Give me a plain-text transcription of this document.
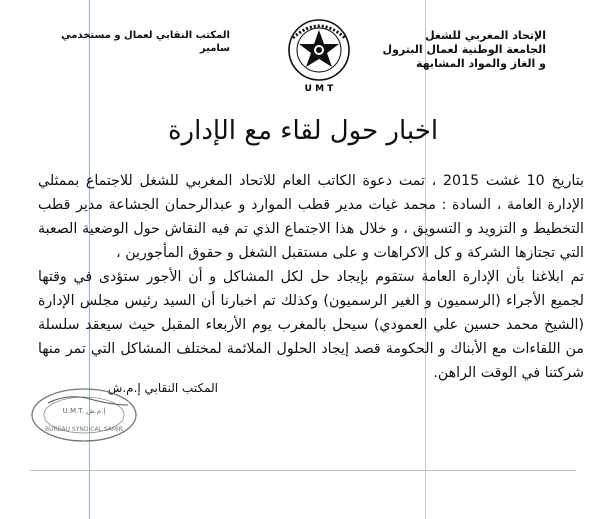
الإتحاد المغربي للشغل
الجامعة الوطنية لعمال البترول
و الغاز والمواد المشابهة
المكتب النقابي لعمال و مستخدمي سامير
U M T
اخبار حول لقاء مع الإدارة

بتاريخ 10 غشت 2015 ، تمت دعوة الكاتب العام للاتحاد المغربي للشغل للاجتماع بممثلي الإدارة العامة ، السادة : محمد غيات مدير قطب الموارد و عبدالرحمان الجشاعة مدير قطب التخطيط و التزويد و التسويق ، و خلال هذا الاجتماع الذي تم فيه النقاش حول الوضعية الصعبة التي تجتازها الشركة و كل الاكراهات و على مستقبل الشغل و حقوق المأجورين ،

تم ابلاغنا بأن الإدارة العامة ستقوم بإيجاد حل لكل المشاكل و أن الأجور ستؤدى في وقتها لجميع الأجراء (الرسميون و الغير الرسميون) وكذلك تم اخبارنا أن السيد رئيس مجلس الإدارة (الشيخ محمد حسين علي العمودي) سيحل بالمغرب يوم الأربعاء المقبل حيث سيعقد سلسلة من اللقاءات مع الأبناك و الحكومة قصد إيجاد الحلول الملائمة لمختلف المشاكل التي تمر منها شركتنا في الوقت الراهن.

المكتب النقابي إ.م.ش
U.M.T. إ.م.ش
BUREAU SYNDICAL SAMIR
